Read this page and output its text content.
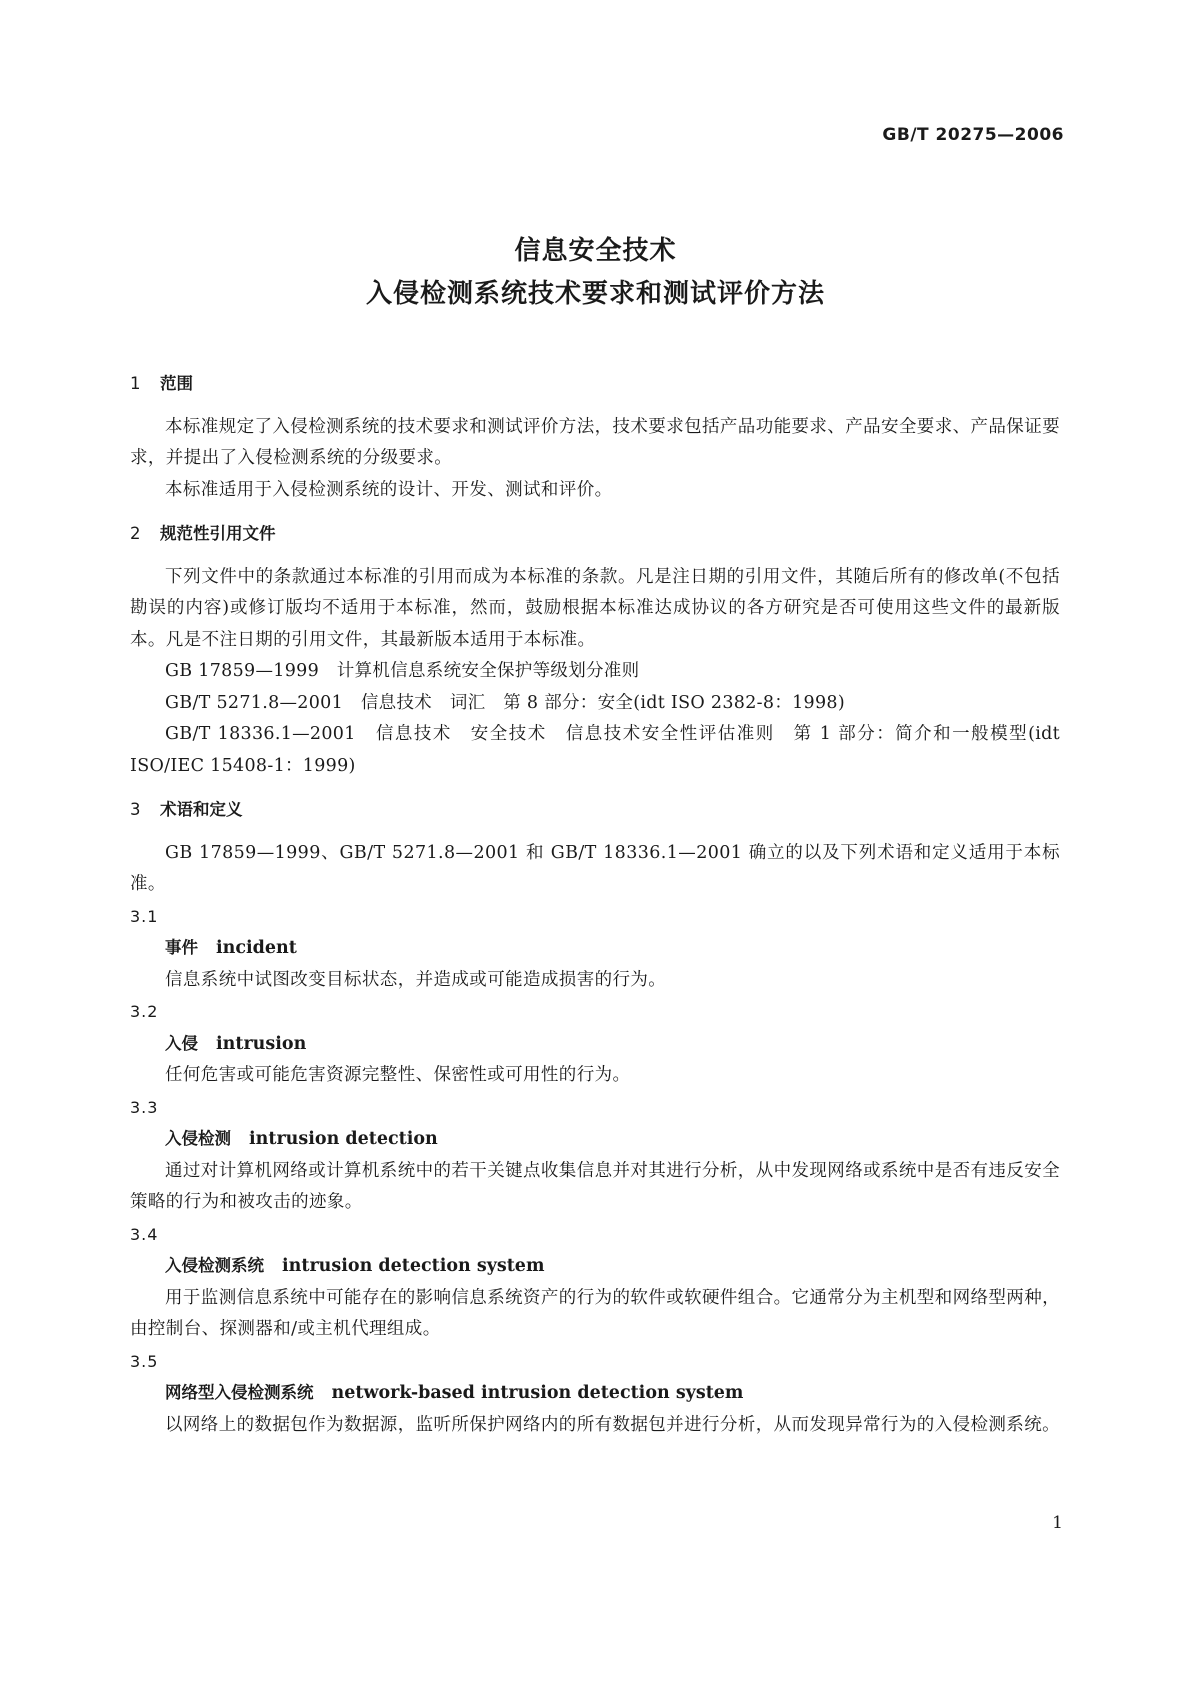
GB/T 20275—2006
信息安全技术
入侵检测系统技术要求和测试评价方法
1 范围
本标准规定了入侵检测系统的技术要求和测试评价方法，技术要求包括产品功能要求、产品安全要求、产品保证要求，并提出了入侵检测系统的分级要求。
本标准适用于入侵检测系统的设计、开发、测试和评价。
2 规范性引用文件
下列文件中的条款通过本标准的引用而成为本标准的条款。凡是注日期的引用文件，其随后所有的修改单(不包括勘误的内容)或修订版均不适用于本标准，然而，鼓励根据本标准达成协议的各方研究是否可使用这些文件的最新版本。凡是不注日期的引用文件，其最新版本适用于本标准。
GB 17859—1999　计算机信息系统安全保护等级划分准则
GB/T 5271.8—2001　信息技术　词汇　第 8 部分：安全(idt ISO 2382-8：1998)
GB/T 18336.1—2001　信息技术　安全技术　信息技术安全性评估准则　第 1 部分：简介和一般模型(idt ISO/IEC 15408-1：1999)
3 术语和定义
GB 17859—1999、GB/T 5271.8—2001 和 GB/T 18336.1—2001 确立的以及下列术语和定义适用于本标准。
3.1
事件 incident
信息系统中试图改变目标状态，并造成或可能造成损害的行为。
3.2
入侵 intrusion
任何危害或可能危害资源完整性、保密性或可用性的行为。
3.3
入侵检测 intrusion detection
通过对计算机网络或计算机系统中的若干关键点收集信息并对其进行分析，从中发现网络或系统中是否有违反安全策略的行为和被攻击的迹象。
3.4
入侵检测系统 intrusion detection system
用于监测信息系统中可能存在的影响信息系统资产的行为的软件或软硬件组合。它通常分为主机型和网络型两种，由控制台、探测器和/或主机代理组成。
3.5
网络型入侵检测系统 network-based intrusion detection system
以网络上的数据包作为数据源，监听所保护网络内的所有数据包并进行分析，从而发现异常行为的入侵检测系统。
1
